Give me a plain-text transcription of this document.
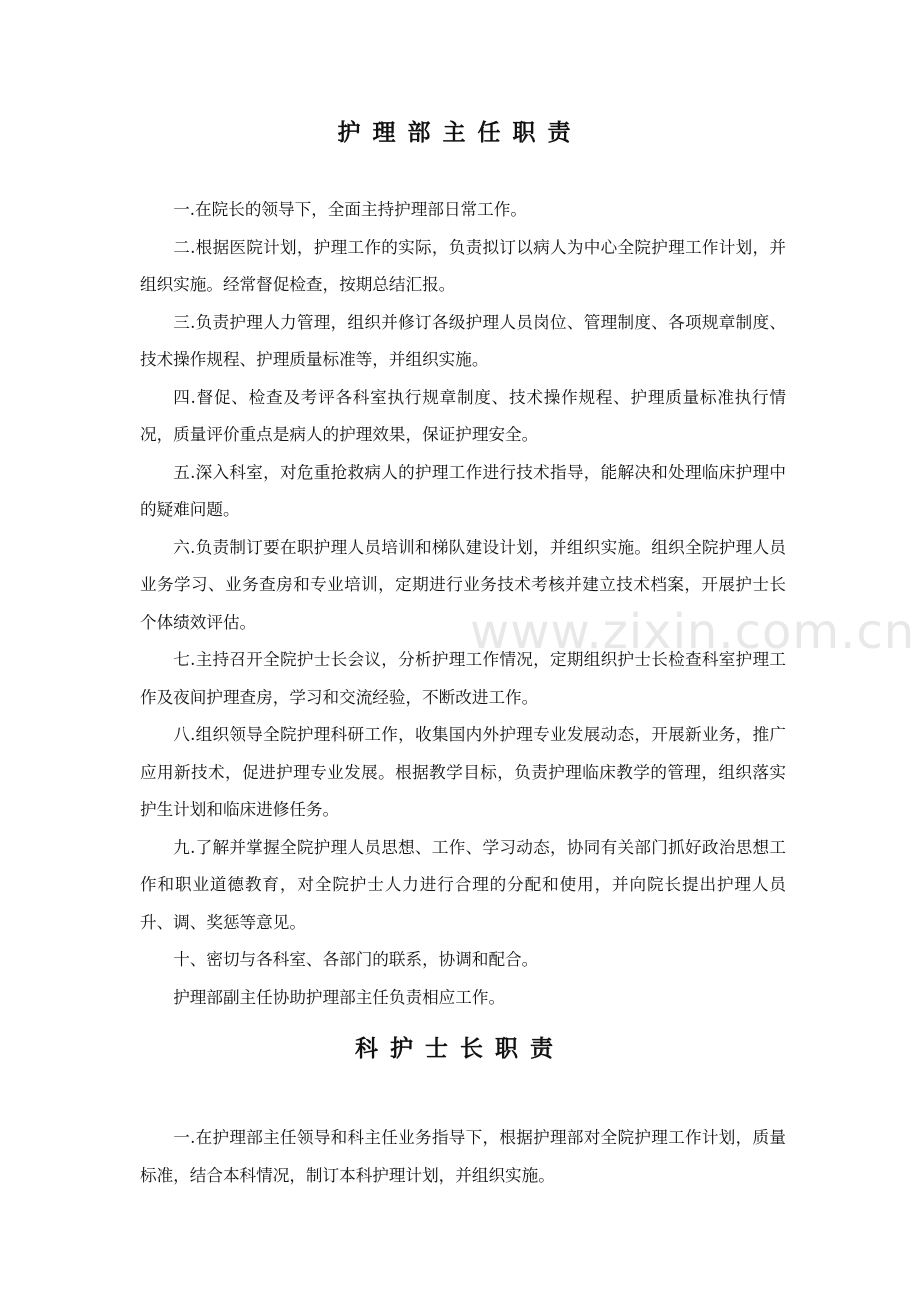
护理部主任职责

一.在院长的领导下，全面主持护理部日常工作。

二.根据医院计划，护理工作的实际，负责拟订以病人为中心全院护理工作计划，并组织实施。经常督促检查，按期总结汇报。

三.负责护理人力管理，组织并修订各级护理人员岗位、管理制度、各项规章制度、技术操作规程、护理质量标准等，并组织实施。

四.督促、检查及考评各科室执行规章制度、技术操作规程、护理质量标准执行情况，质量评价重点是病人的护理效果，保证护理安全。

五.深入科室，对危重抢救病人的护理工作进行技术指导，能解决和处理临床护理中的疑难问题。

六.负责制订要在职护理人员培训和梯队建设计划，并组织实施。组织全院护理人员业务学习、业务查房和专业培训，定期进行业务技术考核并建立技术档案，开展护士长个体绩效评估。

七.主持召开全院护士长会议，分析护理工作情况，定期组织护士长检查科室护理工作及夜间护理查房，学习和交流经验，不断改进工作。

八.组织领导全院护理科研工作，收集国内外护理专业发展动态，开展新业务，推广应用新技术，促进护理专业发展。根据教学目标，负责护理临床教学的管理，组织落实护生计划和临床进修任务。

九.了解并掌握全院护理人员思想、工作、学习动态，协同有关部门抓好政治思想工作和职业道德教育，对全院护士人力进行合理的分配和使用，并向院长提出护理人员升、调、奖惩等意见。

十、密切与各科室、各部门的联系，协调和配合。

护理部副主任协助护理部主任负责相应工作。

科护士长职责

一.在护理部主任领导和科主任业务指导下，根据护理部对全院护理工作计划，质量标准，结合本科情况，制订本科护理计划，并组织实施。

www.zixin.com.cn
